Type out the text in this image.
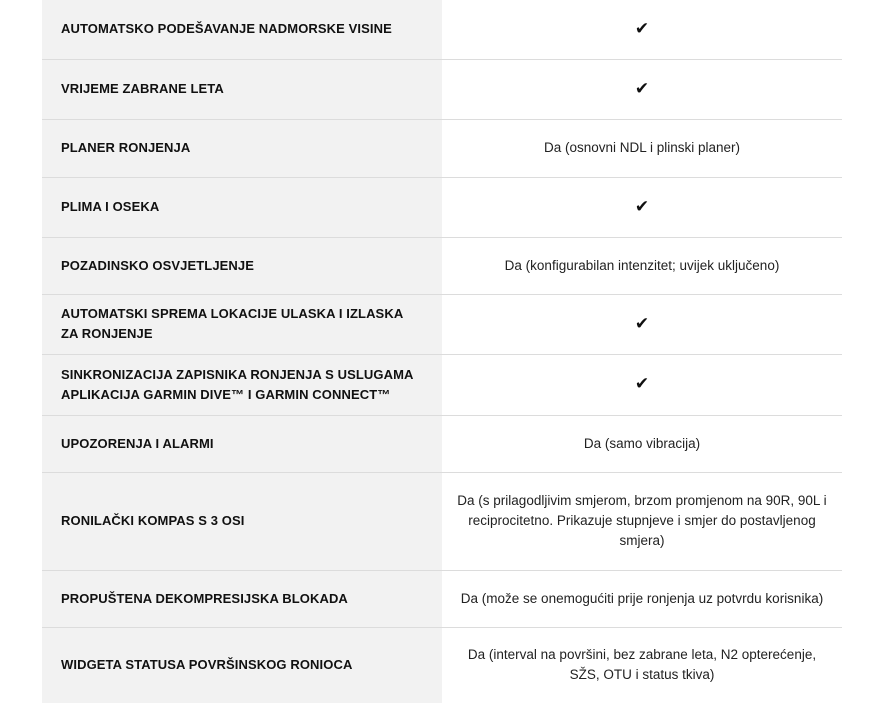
AUTOMATSKO PODEŠAVANJE NADMORSKE VISINE	✔
VRIJEME ZABRANE LETA	✔
PLANER RONJENJA	Da (osnovni NDL i plinski planer)
PLIMA I OSEKA	✔
POZADINSKO OSVJETLJENJE	Da (konfigurabilan intenzitet; uvijek uključeno)
AUTOMATSKI SPREMA LOKACIJE ULASKA I IZLASKA ZA RONJENJE	✔
SINKRONIZACIJA ZAPISNIKA RONJENJA S USLUGAMA APLIKACIJA GARMIN DIVE™ I GARMIN CONNECT™	✔
UPOZORENJA I ALARMI	Da (samo vibracija)
RONILAČKI KOMPAS S 3 OSI	Da (s prilagodljivim smjerom, brzom promjenom na 90R, 90L i reciprocitetno. Prikazuje stupnjeve i smjer do postavljenog smjera)
PROPUŠTENA DEKOMPRESIJSKA BLOKADA	Da (može se onemogućiti prije ronjenja uz potvrdu korisnika)
WIDGETA STATUSA POVRŠINSKOG RONIOCA	Da (interval na površini, bez zabrane leta, N2 opterećenje, SŽS, OTU i status tkiva)
